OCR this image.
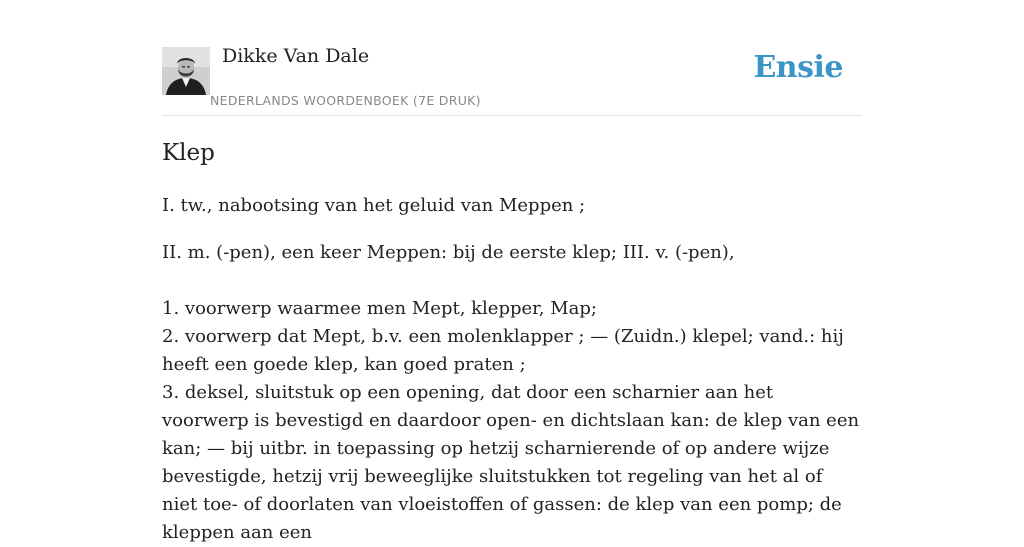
Dikke Van Dale
NEDERLANDS WOORDENBOEK (7E DRUK)
Ensie
Klep

I. tw., nabootsing van het geluid van Meppen ;

II. m. (-pen), een keer Meppen: bij de eerste klep; III. v. (-pen),

1. voorwerp waarmee men Mept, klepper, Map;
2. voorwerp dat Mept, b.v. een molenklapper ; — (Zuidn.) klepel; vand.: hij heeft een goede klep, kan goed praten ;
3. deksel, sluitstuk op een opening, dat door een scharnier aan het voorwerp is bevestigd en daardoor open- en dichtslaan kan: de klep van een kan; — bij uitbr. in toepassing op hetzij scharnierende of op andere wijze bevestigde, hetzij vrij beweeglijke sluitstukken tot regeling van het al of niet toe- of doorlaten van vloeistoffen of gassen: de klep van een pomp; de kleppen aan een
